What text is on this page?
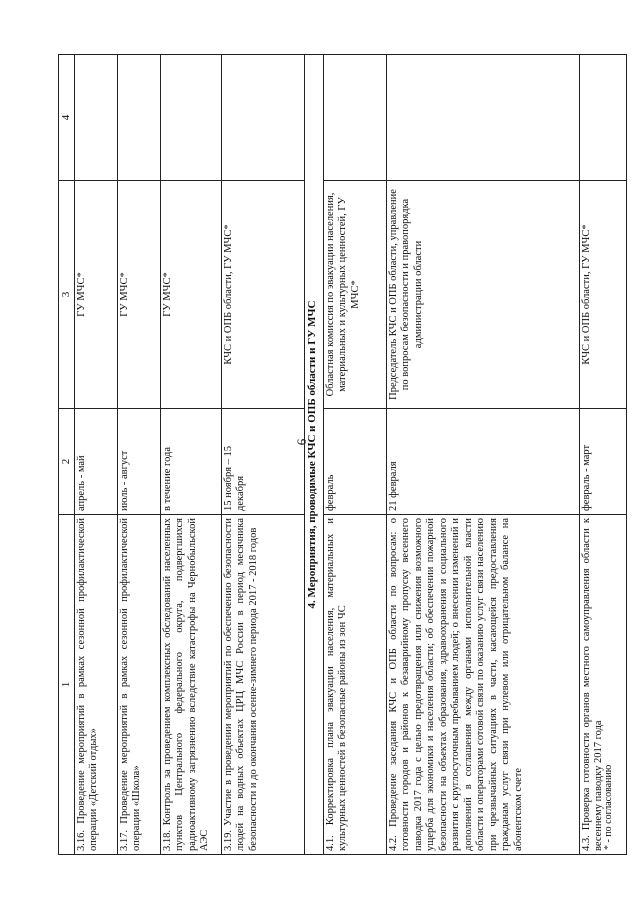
6
1	2	3	4
3.16. Проведение мероприятий в рамках сезонной профилактической операции «Детский отдых»	апрель - май	ГУ МЧС*	
3.17. Проведение мероприятий в рамках сезонной профилактической операции «Школа»	июль - август	ГУ МЧС*	
3.18. Контроль за проведением комплексных обследований населенных пунктов Центрального федерального округа, подвергшихся радиоактивному загрязнению вследствие катастрофы на Чернобыльской АЭС	в течение года	ГУ МЧС*	
3.19. Участие в проведении мероприятий по обеспечению безопасности людей на водных объектах ЦРЦ МЧС России в период месячника безопасности и до окончания осенне-зимнего периода 2017 - 2018 годов	15 ноября – 15 декабря	КЧС и ОПБ области, ГУ МЧС*	
4. Мероприятия, проводимые КЧС и ОПБ области и ГУ МЧС			
4.1. Корректировка плана эвакуации населения, материальных и культурных ценностей в безопасные районы из зон ЧС	февраль	Областная комиссия по эвакуации населения, материальных и культурных ценностей, ГУ МЧС*	
4.2. Проведение заседания КЧС и ОПБ области по вопросам: о готовности городов и районов к безаварийному пропуску весеннего паводка 2017 года с целью предотвращения или снижения возможного ущерба для экономики и населения области; об обеспечении пожарной безопасности на объектах образования, здравоохранения и социального развития с круглосуточным пребыванием людей; о внесении изменений и дополнений в соглашения между органами исполнительной власти области и операторами сотовой связи по оказанию услуг связи населению при чрезвычайных ситуациях в части, касающейся предоставления гражданам услуг связи при нулевом или отрицательном балансе на абонентском счете	21 февраля	Председатель КЧС и ОПБ области, управление по вопросам безопасности и правопорядка администрации области	
4.3. Проверка готовности органов местного самоуправления области к весеннему паводку 2017 года	февраль - март	КЧС и ОПБ области, ГУ МЧС*	
* - по согласованию
